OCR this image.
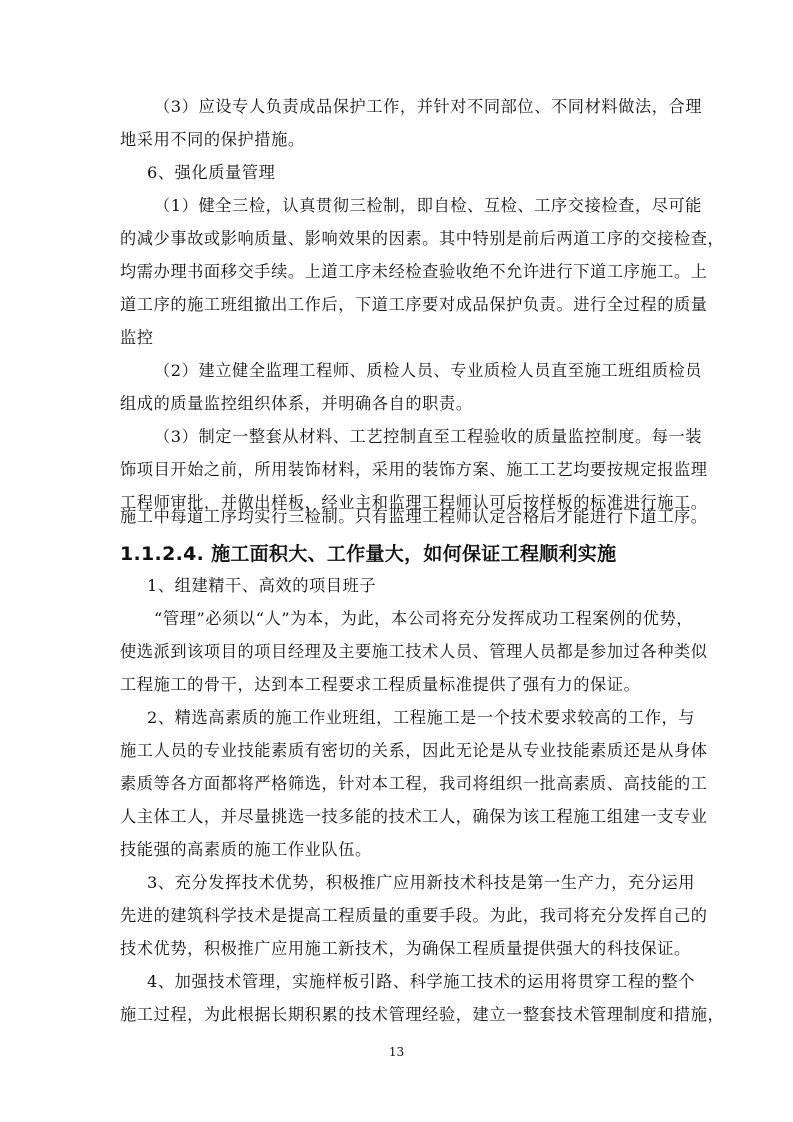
（3）应设专人负责成品保护工作，并针对不同部位、不同材料做法，合理
地采用不同的保护措施。
6、强化质量管理
（1）健全三检，认真贯彻三检制，即自检、互检、工序交接检查，尽可能
的减少事故或影响质量、影响效果的因素。其中特别是前后两道工序的交接检查，
均需办理书面移交手续。上道工序未经检查验收绝不允许进行下道工序施工。上
道工序的施工班组撤出工作后，下道工序要对成品保护负责。进行全过程的质量
监控
（2）建立健全监理工程师、质检人员、专业质检人员直至施工班组质检员
组成的质量监控组织体系，并明确各自的职责。
（3）制定一整套从材料、工艺控制直至工程验收的质量监控制度。每一装
饰项目开始之前，所用装饰材料，采用的装饰方案、施工工艺均要按规定报监理
工程师审批，并做出样板，经业主和监理工程师认可后按样板的标准进行施工。
施工中每道工序均实行三检制。只有监理工程师认定合格后才能进行下道工序。
1.1.2.4. 施工面积大、工作量大，如何保证工程顺利实施
1、组建精干、高效的项目班子
“管理”必须以“人”为本，为此，本公司将充分发挥成功工程案例的优势，
使选派到该项目的项目经理及主要施工技术人员、管理人员都是参加过各种类似
工程施工的骨干，达到本工程要求工程质量标准提供了强有力的保证。
2、精选高素质的施工作业班组，工程施工是一个技术要求较高的工作，与
施工人员的专业技能素质有密切的关系，因此无论是从专业技能素质还是从身体
素质等各方面都将严格筛选，针对本工程，我司将组织一批高素质、高技能的工
人主体工人，并尽量挑选一技多能的技术工人，确保为该工程施工组建一支专业
技能强的高素质的施工作业队伍。
3、充分发挥技术优势，积极推广应用新技术科技是第一生产力，充分运用
先进的建筑科学技术是提高工程质量的重要手段。为此，我司将充分发挥自己的
技术优势，积极推广应用施工新技术，为确保工程质量提供强大的科技保证。
4、加强技术管理，实施样板引路、科学施工技术的运用将贯穿工程的整个
施工过程，为此根据长期积累的技术管理经验，建立一整套技术管理制度和措施，
13
